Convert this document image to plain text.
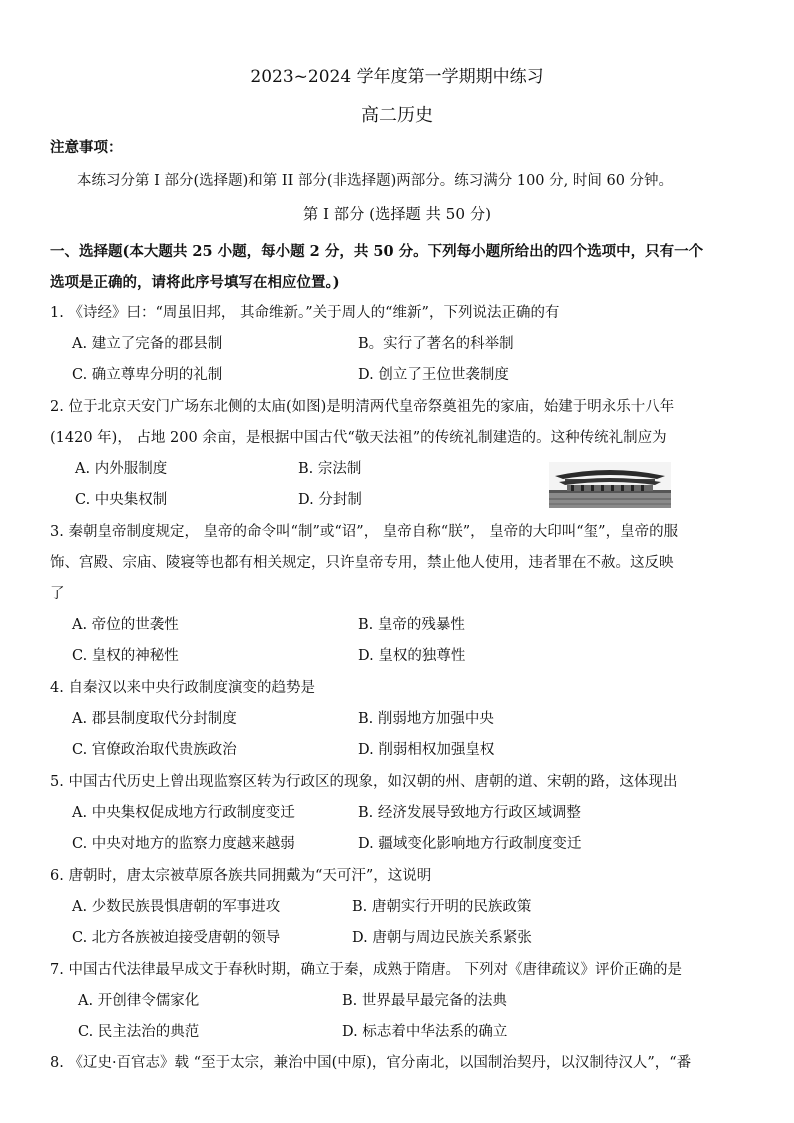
2023~2024 学年度第一学期期中练习
高二历史
注意事项：
本练习分第 I 部分(选择题)和第 II 部分(非选择题)两部分。练习满分 100 分, 时间 60 分钟。
第 I 部分 (选择题 共 50 分)
一、选择题(本大题共 25 小题，每小题 2 分，共 50 分。下列每小题所给出的四个选项中，只有一个
选项是正确的，请将此序号填写在相应位置。)
1. 《诗经》曰：“周虽旧邦， 其命维新。”关于周人的“维新”，下列说法正确的有
A. 建立了完备的郡县制	B。实行了著名的科举制
C. 确立尊卑分明的礼制	D. 创立了王位世袭制度
2. 位于北京天安门广场东北侧的太庙(如图)是明清两代皇帝祭奠祖先的家庙，始建于明永乐十八年
(1420 年)， 占地 200 余亩，是根据中国古代“敬天法祖”的传统礼制建造的。这种传统礼制应为
A. 内外服制度	B. 宗法制
C. 中央集权制	D. 分封制
3. 秦朝皇帝制度规定， 皇帝的命令叫“制”或“诏”， 皇帝自称“朕”， 皇帝的大印叫“玺”，皇帝的服
饰、宫殿、宗庙、陵寝等也都有相关规定，只许皇帝专用，禁止他人使用，违者罪在不赦。这反映
了
A. 帝位的世袭性	B. 皇帝的残暴性
C. 皇权的神秘性	D. 皇权的独尊性
4. 自秦汉以来中央行政制度演变的趋势是
A. 郡县制度取代分封制度	B. 削弱地方加强中央
C. 官僚政治取代贵族政治	D. 削弱相权加强皇权
5. 中国古代历史上曾出现监察区转为行政区的现象，如汉朝的州、唐朝的道、宋朝的路，这体现出
A. 中央集权促成地方行政制度变迁	B. 经济发展导致地方行政区域调整
C. 中央对地方的监察力度越来越弱	D. 疆域变化影响地方行政制度变迁
6. 唐朝时，唐太宗被草原各族共同拥戴为“天可汗”，这说明
A. 少数民族畏惧唐朝的军事进攻	B. 唐朝实行开明的民族政策
C. 北方各族被迫接受唐朝的领导	D. 唐朝与周边民族关系紧张
7. 中国古代法律最早成文于春秋时期，确立于秦，成熟于隋唐。 下列对《唐律疏议》评价正确的是
A. 开创律令儒家化	B. 世界最早最完备的法典
C. 民主法治的典范	D. 标志着中华法系的确立
8. 《辽史·百官志》载 “至于太宗，兼治中国(中原)，官分南北，以国制治契丹，以汉制待汉人”，“番
